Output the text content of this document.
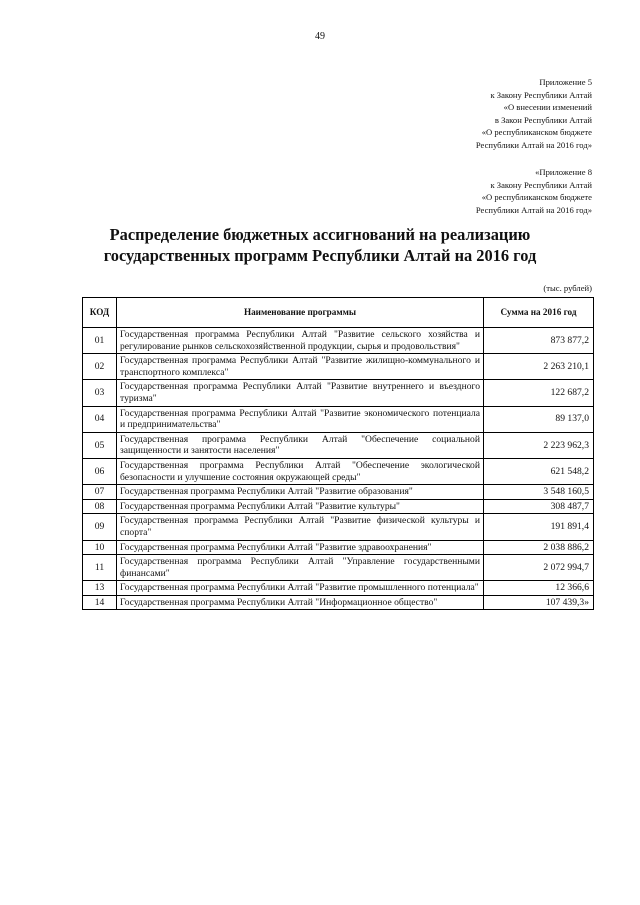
49
Приложение 5
к Закону Республики Алтай
«О внесении изменений
в Закон Республики Алтай
«О республиканском бюджете
Республики Алтай на 2016 год»
«Приложение 8
к Закону Республики Алтай
«О республиканском бюджете
Республики Алтай на 2016 год»
Распределение бюджетных ассигнований на реализацию
государственных программ Республики Алтай на 2016 год
(тыс. рублей)
КОД	Наименование программы	Сумма на 2016 год
01	Государственная программа Республики Алтай "Развитие сельского хозяйства и регулирование рынков сельскохозяйственной продукции, сырья и продовольствия"	873 877,2
02	Государственная программа Республики Алтай "Развитие жилищно-коммунального и транспортного комплекса"	2 263 210,1
03	Государственная программа Республики Алтай "Развитие внутреннего и въездного туризма"	122 687,2
04	Государственная программа Республики Алтай "Развитие экономического потенциала и предпринимательства"	89 137,0
05	Государственная программа Республики Алтай "Обеспечение социальной защищенности и занятости населения"	2 223 962,3
06	Государственная программа Республики Алтай "Обеспечение экологической безопасности и улучшение состояния окружающей среды"	621 548,2
07	Государственная программа Республики Алтай "Развитие образования"	3 548 160,5
08	Государственная программа Республики Алтай "Развитие культуры"	308 487,7
09	Государственная программа Республики Алтай "Развитие физической культуры и спорта"	191 891,4
10	Государственная программа Республики Алтай "Развитие здравоохранения"	2 038 886,2
11	Государственная программа Республики Алтай "Управление государственными финансами"	2 072 994,7
13	Государственная программа Республики Алтай "Развитие промышленного потенциала"	12 366,6
14	Государственная программа Республики Алтай "Информационное общество"	107 439,3»
